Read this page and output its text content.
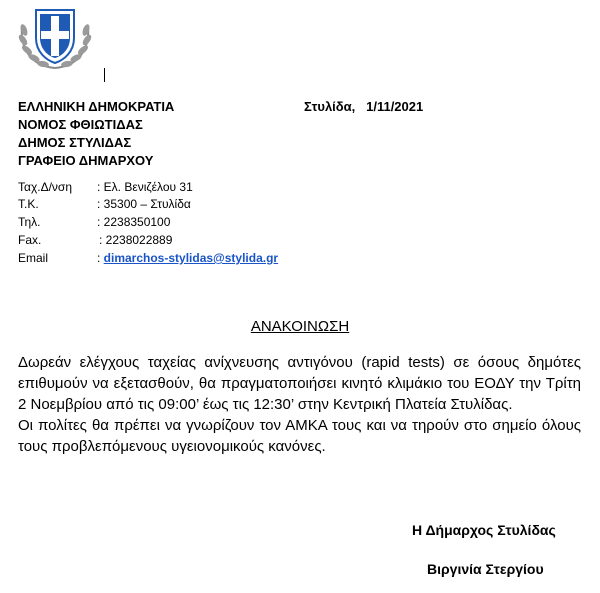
ΕΛΛΗΝΙΚΗ ΔΗΜΟΚΡΑΤΙΑ
ΝΟΜΟΣ ΦΘΙΩΤΙΔΑΣ
ΔΗΜΟΣ ΣΤΥΛΙΔΑΣ
ΓΡΑΦΕΙΟ ΔΗΜΑΡΧΟΥ
Στυλίδα,   1/11/2021
Ταχ.Δ/νση : Ελ. Βενιζέλου 31
Τ.Κ.	: 35300 – Στυλίδα
Τηλ.	: 2238350100
Fax.	: 2238022889
Email	: dimarchos-stylidas@stylida.gr
ΑΝΑΚΟΙΝΩΣΗ

Δωρεάν ελέγχους ταχείας ανίχνευσης αντιγόνου (rapid tests) σε όσους δημότες επιθυμούν να εξετασθούν, θα πραγματοποιήσει κινητό κλιμάκιο του ΕΟΔΥ την Τρίτη 2 Νοεμβρίου από τις 09:00’ έως τις 12:30’ στην Κεντρική Πλατεία Στυλίδας.

Οι πολίτες θα πρέπει να γνωρίζουν τον ΑΜΚΑ τους και να τηρούν στο σημείο όλους τους προβλεπόμενους υγειονομικούς κανόνες.

Η Δήμαρχος Στυλίδας
Βιργινία Στεργίου
